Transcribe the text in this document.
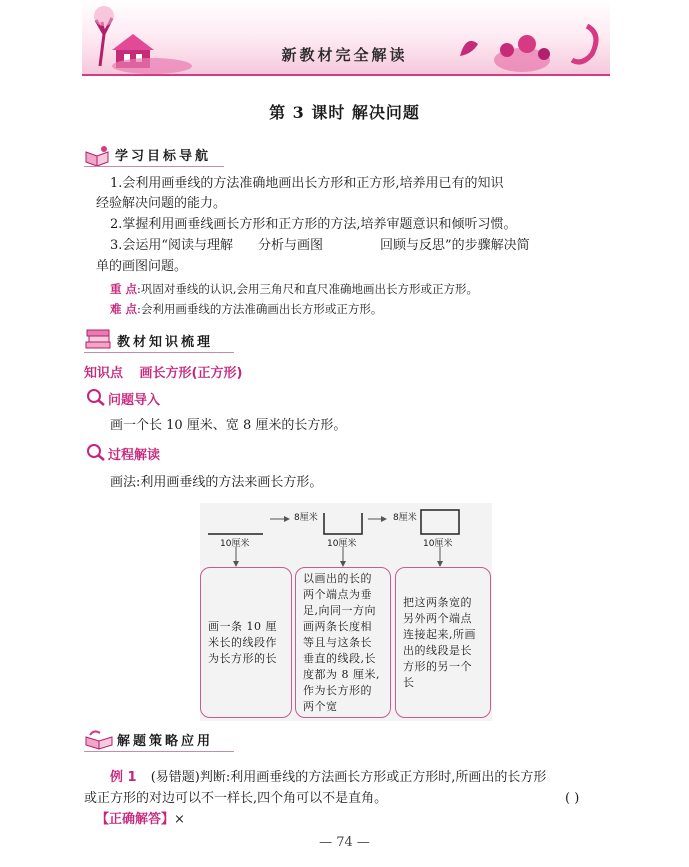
新教材完全解读
第 3 课时 解决问题
学习目标导航
1.会利用画垂线的方法准确地画出长方形和正方形,培养用已有的知识
经验解决问题的能力。
2.掌握利用画垂线画长方形和正方形的方法,培养审题意识和倾听习惯。
3.会运用“阅读与理解 分析与画图	回顾与反思”的步骤解决简
单的画图问题。
重 点:巩固对垂线的认识,会用三角尺和直尺准确地画出长方形或正方形。
难 点:会利用画垂线的方法准确画出长方形或正方形。
教材知识梳理
知识点 画长方形(正方形)
问题导入
画一个长 10 厘米、宽 8 厘米的长方形。
过程解读
画法:利用画垂线的方法来画长方形。
10厘米
8厘米
10厘米
8厘米
10厘米
画一条 10 厘米长的线段作为长方形的长
以画出的长的两个端点为垂足,向同一方向画两条长度相等且与这条长垂直的线段,长度都为 8 厘米,作为长方形的两个宽
把这两条宽的另外两个端点连接起来,所画出的线段是长方形的另一个长
解题策略应用
例 1 (易错题)判断:利用画垂线的方法画长方形或正方形时,所画出的长方形
或正方形的对边可以不一样长,四个角可以不是直角。	( )
【正确解答】×
— 74 —
